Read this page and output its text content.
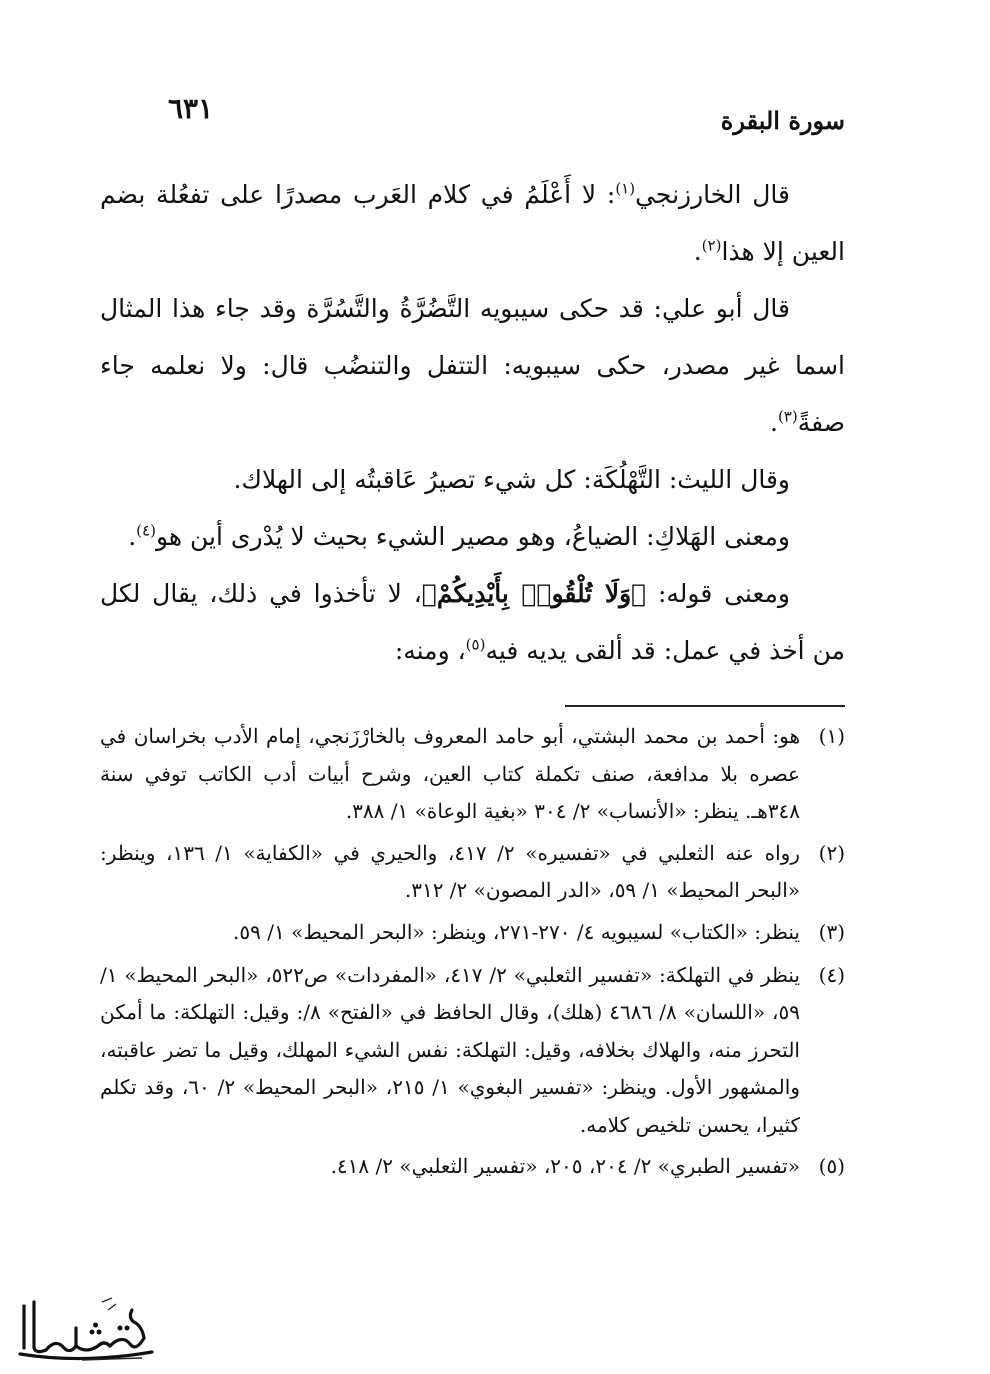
سورة البقرة
٦٣١

قال الخارزنجي$^{(١)}$: لا أَعْلَمُ في كلام العَرب مصدرًا على تفعُلة بضم العين إلا هذا$^{(٢)}$.

قال أبو علي: قد حكى سيبويه التَّضُرَّةُ والتَّسُرَّة وقد جاء هذا المثال اسما غير مصدر، حكى سيبويه: التتفل والتنضُب قال: ولا نعلمه جاء صفةً$^{(٣)}$.

وقال الليث: التَّهْلُكَة: كل شيء تصيرُ عَاقبتُه إلى الهلاك.

ومعنى الهَلاكِ: الضياعُ، وهو مصير الشيء بحيث لا يُدْرى أين هو$^{(٤)}$.

ومعنى قوله: ﴿وَلَا تُلْقُوا۟ بِأَيْدِيكُمْ﴾، لا تأخذوا في ذلك، يقال لكل من أخذ في عمل: قد ألقى يديه فيه$^{(٥)}$، ومنه:

(١)
هو: أحمد بن محمد البشتي، أبو حامد المعروف بالخارْزَنجي، إمام الأدب بخراسان في عصره بلا مدافعة، صنف تكملة كتاب العين، وشرح أبيات أدب الكاتب توفي سنة ٣٤٨هـ. ينظر: «الأنساب» ٢/ ٣٠٤ «بغية الوعاة» ١/ ٣٨٨.

(٢)
رواه عنه الثعلبي في «تفسيره» ٢/ ٤١٧، والحيري في «الكفاية» ١/ ١٣٦، وينظر: «البحر المحيط» ١/ ٥٩، «الدر المصون» ٢/ ٣١٢.

(٣)
ينظر: «الكتاب» لسيبويه ٤/ ٢٧٠-٢٧١، وينظر: «البحر المحيط» ١/ ٥٩.

(٤)
ينظر في التهلكة: «تفسير الثعلبي» ٢/ ٤١٧، «المفردات» ص٥٢٢، «البحر المحيط» ١/ ٥٩، «اللسان» ٨/ ٤٦٨٦ (هلك)، وقال الحافظ في «الفتح» ٨/: وقيل: التهلكة: ما أمكن التحرز منه، والهلاك بخلافه، وقيل: التهلكة: نفس الشيء المهلك، وقيل ما تضر عاقبته، والمشهور الأول. وينظر: «تفسير البغوي» ١/ ٢١٥، «البحر المحيط» ٢/ ٦٠، وقد تكلم كثيرا، يحسن تلخيص كلامه.

(٥)
«تفسير الطبري» ٢/ ٢٠٤، ٢٠٥، «تفسير الثعلبي» ٢/ ٤١٨.
